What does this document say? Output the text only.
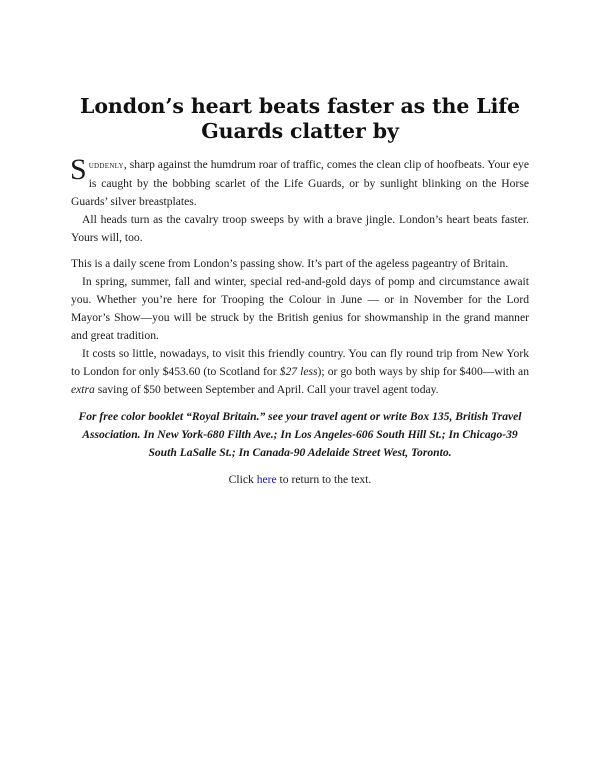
London’s heart beats faster as the Life Guards clatter by

Suddenly, sharp against the humdrum roar of traffic, comes the clean clip of hoofbeats. Your eye is caught by the bobbing scarlet of the Life Guards, or by sunlight blinking on the Horse Guards’ silver breastplates.

All heads turn as the cavalry troop sweeps by with a brave jingle. London’s heart beats faster. Yours will, too.

This is a daily scene from London’s passing show. It’s part of the ageless pageantry of Britain.

In spring, summer, fall and winter, special red-and-gold days of pomp and circumstance await you. Whether you’re here for Trooping the Colour in June — or in November for the Lord Mayor’s Show—you will be struck by the British genius for showmanship in the grand manner and great tradition.

It costs so little, nowadays, to visit this friendly country. You can fly round trip from New York to London for only $453.60 (to Scotland for $27 less); or go both ways by ship for $400—with an extra saving of $50 between September and April. Call your travel agent today.

For free color booklet “Royal Britain.” see your travel agent or write Box 135, British Travel Association. In New York-680 Filth Ave.; In Los Angeles-606 South Hill St.; In Chicago-39 South LaSalle St.; In Canada-90 Adelaide Street West, Toronto.

Click here to return to the text.
